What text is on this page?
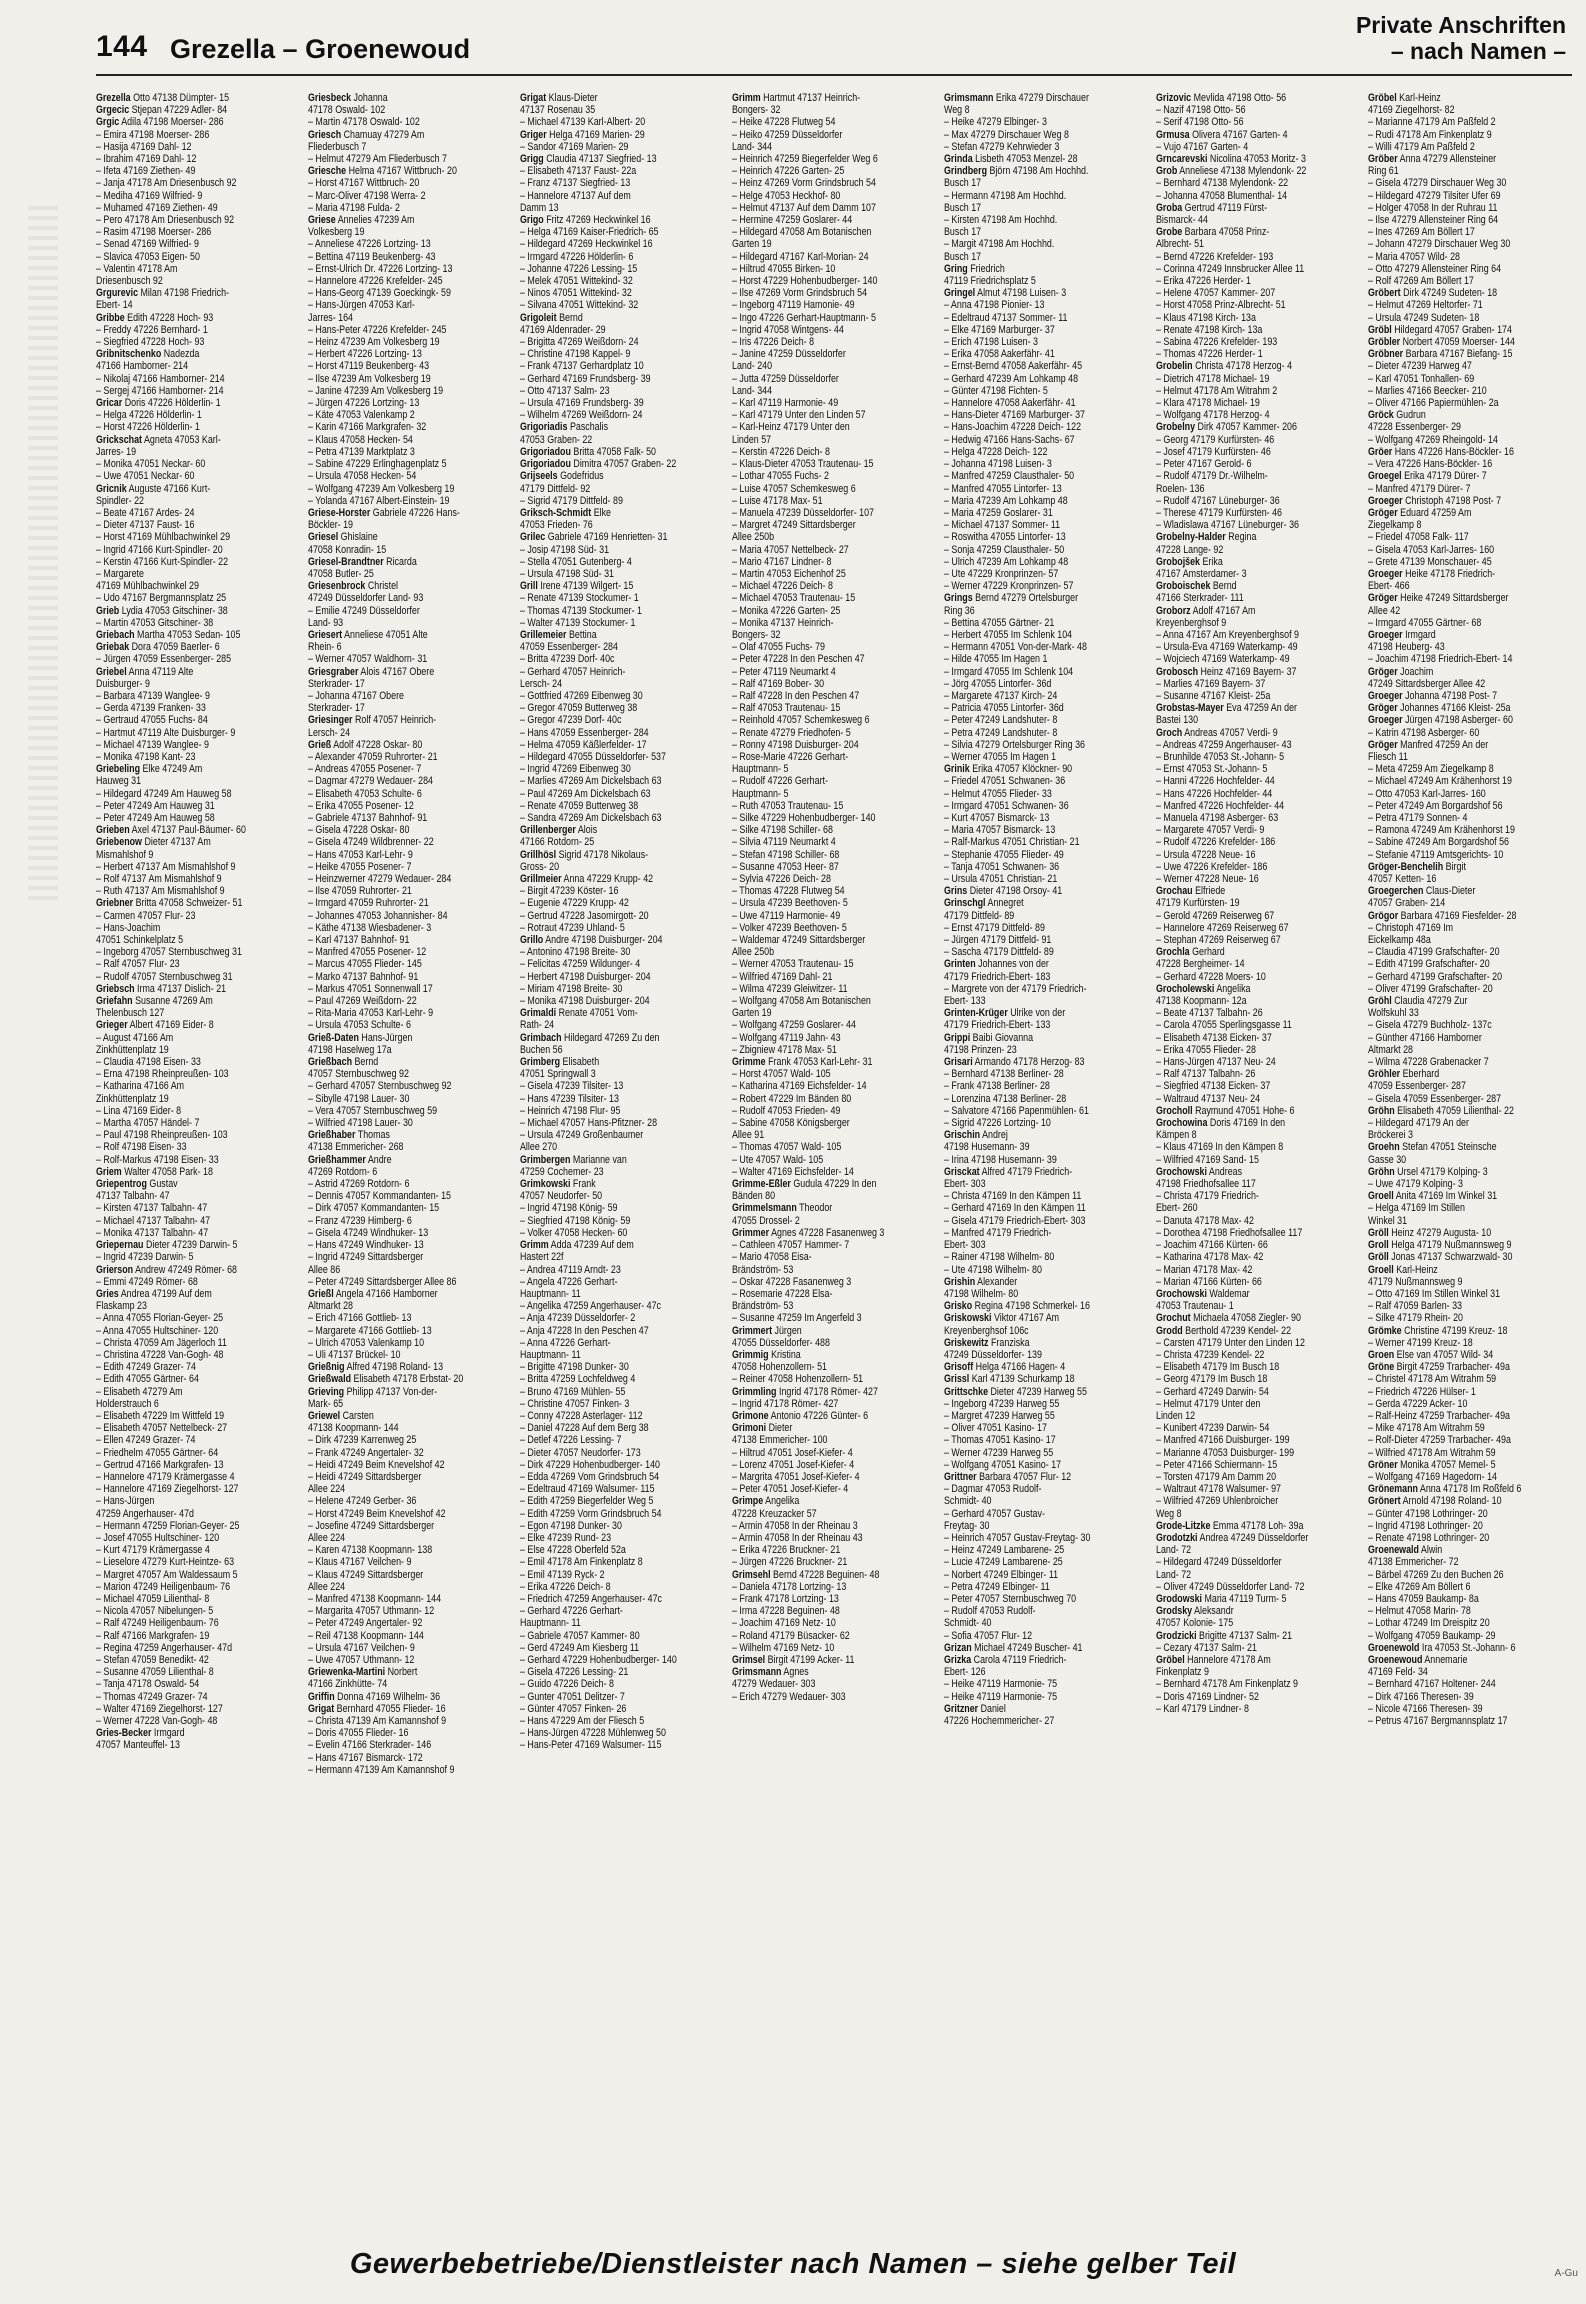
144 Grezella – Groenewoud
Private Anschriften
– nach Namen –

Grezella Otto 47138 Dümpter- 15

Grgecic Stjepan 47229 Adler- 84

Grgic Adila 47198 Moerser- 286

– Emira 47198 Moerser- 286

– Hasija 47169 Dahl- 12

– Ibrahim 47169 Dahl- 12

– Ifeta 47169 Ziethen- 49

– Janja 47178 Am Driesenbusch 92

– Mediha 47169 Wilfried- 9

– Muhamed 47169 Ziethen- 49

– Pero 47178 Am Driesenbusch 92

– Rasim 47198 Moerser- 286

– Senad 47169 Wilfried- 9

– Slavica 47053 Eigen- 50

– Valentin 47178 Am
Driesenbusch 92

Grgurevic Milan 47198 Friedrich-
Ebert- 14

Gribbe Edith 47228 Hoch- 93

– Freddy 47226 Bernhard- 1

– Siegfried 47228 Hoch- 93

Gribnitschenko Nadezda
47166 Hamborner- 214

– Nikolaj 47166 Hamborner- 214

– Sergej 47166 Hamborner- 214

Gricar Doris 47226 Hölderlin- 1

– Helga 47226 Hölderlin- 1

– Horst 47226 Hölderlin- 1

Grickschat Agneta 47053 Karl-
Jarres- 19

– Monika 47051 Neckar- 60

– Uwe 47051 Neckar- 60

Gricnik Auguste 47166 Kurt-
Spindler- 22

– Beate 47167 Ardes- 24

– Dieter 47137 Faust- 16

– Horst 47169 Mühlbachwinkel 29

– Ingrid 47166 Kurt-Spindler- 20

– Kerstin 47166 Kurt-Spindler- 22

– Margarete
47169 Mühlbachwinkel 29

– Udo 47167 Bergmannsplatz 25

Grieb Lydia 47053 Gitschiner- 38

– Martin 47053 Gitschiner- 38

Griebach Martha 47053 Sedan- 105

Griebak Dora 47059 Baerler- 6

– Jürgen 47059 Essenberger- 285

Griebel Anna 47119 Alte
Duisburger- 9

– Barbara 47139 Wanglee- 9

– Gerda 47139 Franken- 33

– Gertraud 47055 Fuchs- 84

– Hartmut 47119 Alte Duisburger- 9

– Michael 47139 Wanglee- 9

– Monika 47198 Kant- 23

Griebeling Elke 47249 Am
Hauweg 31

– Hildegard 47249 Am Hauweg 58

– Peter 47249 Am Hauweg 31

– Peter 47249 Am Hauweg 58

Grieben Axel 47137 Paul-Bäumer- 60

Griebenow Dieter 47137 Am
Mismahlshof 9

– Herbert 47137 Am Mismahlshof 9

– Rolf 47137 Am Mismahlshof 9

– Ruth 47137 Am Mismahlshof 9

Griebner Britta 47058 Schweizer- 51

– Carmen 47057 Flur- 23

– Hans-Joachim
47051 Schinkelplatz 5

– Ingeborg 47057 Sternbuschweg 31

– Ralf 47057 Flur- 23

– Rudolf 47057 Sternbuschweg 31

Griebsch Irma 47137 Dislich- 21

Griefahn Susanne 47269 Am
Thelenbusch 127

Grieger Albert 47169 Eider- 8

– August 47166 Am
Zinkhüttenplatz 19

– Claudia 47198 Eisen- 33

– Erna 47198 Rheinpreußen- 103

– Katharina 47166 Am
Zinkhüttenplatz 19

– Lina 47169 Eider- 8

– Martha 47057 Händel- 7

– Paul 47198 Rheinpreußen- 103

– Rolf 47198 Eisen- 33

– Rolf-Markus 47198 Eisen- 33

Griem Walter 47058 Park- 18

Griepentrog Gustav
47137 Talbahn- 47

– Kirsten 47137 Talbahn- 47

– Michael 47137 Talbahn- 47

– Monika 47137 Talbahn- 47

Griepernau Dieter 47239 Darwin- 5

– Ingrid 47239 Darwin- 5

Grierson Andrew 47249 Römer- 68

– Emmi 47249 Römer- 68

Gries Andrea 47199 Auf dem
Flaskamp 23

– Anna 47055 Florian-Geyer- 25

– Anna 47055 Hultschiner- 120

– Christa 47059 Am Jägerloch 11

– Christina 47228 Van-Gogh- 48

– Edith 47249 Grazer- 74

– Edith 47055 Gärtner- 64

– Elisabeth 47279 Am
Holderstrauch 6

– Elisabeth 47229 Im Wittfeld 19

– Elisabeth 47057 Nettelbeck- 27

– Ellen 47249 Grazer- 74

– Friedhelm 47055 Gärtner- 64

– Gertrud 47166 Markgrafen- 13

– Hannelore 47179 Krämergasse 4

– Hannelore 47169 Ziegelhorst- 127

– Hans-Jürgen
47259 Angerhauser- 47d

– Hermann 47259 Florian-Geyer- 25

– Josef 47055 Hultschiner- 120

– Kurt 47179 Krämergasse 4

– Lieselore 47279 Kurt-Heintze- 63

– Margret 47057 Am Waldessaum 5

– Marion 47249 Heiligenbaum- 76

– Michael 47059 Lilienthal- 8

– Nicola 47057 Nibelungen- 5

– Ralf 47249 Heiligenbaum- 76

– Ralf 47166 Markgrafen- 19

– Regina 47259 Angerhauser- 47d

– Stefan 47059 Benedikt- 42

– Susanne 47059 Lilienthal- 8

– Tanja 47178 Oswald- 54

– Thomas 47249 Grazer- 74

– Walter 47169 Ziegelhorst- 127

– Werner 47228 Van-Gogh- 48

Gries-Becker Irmgard
47057 Manteuffel- 13

Griesbeck Johanna
47178 Oswald- 102

– Martin 47178 Oswald- 102

Griesch Chamuay 47279 Am
Fliederbusch 7

– Helmut 47279 Am Fliederbusch 7

Griesche Helma 47167 Wittbruch- 20

– Horst 47167 Wittbruch- 20

– Marc-Oliver 47198 Werra- 2

– Maria 47198 Fulda- 2

Griese Annelies 47239 Am
Volkesberg 19

– Anneliese 47226 Lortzing- 13

– Bettina 47119 Beukenberg- 43

– Ernst-Ulrich Dr. 47226 Lortzing- 13

– Hannelore 47226 Krefelder- 245

– Hans-Georg 47139 Goeckingk- 59

– Hans-Jürgen 47053 Karl-
Jarres- 164

– Hans-Peter 47226 Krefelder- 245

– Heinz 47239 Am Volkesberg 19

– Herbert 47226 Lortzing- 13

– Horst 47119 Beukenberg- 43

– Ilse 47239 Am Volkesberg 19

– Janine 47239 Am Volkesberg 19

– Jürgen 47226 Lortzing- 13

– Käte 47053 Valenkamp 2

– Karin 47166 Markgrafen- 32

– Klaus 47058 Hecken- 54

– Petra 47139 Marktplatz 3

– Sabine 47229 Erlinghagenplatz 5

– Ursula 47058 Hecken- 54

– Wolfgang 47239 Am Volkesberg 19

– Yolanda 47167 Albert-Einstein- 19

Griese-Horster Gabriele 47226 Hans-
Böckler- 19

Griesel Ghislaine
47058 Konradin- 15

Griesel-Brandtner Ricarda
47058 Butler- 25

Griesenbrock Christel
47249 Düsseldorfer Land- 93

– Emilie 47249 Düsseldorfer
Land- 93

Griesert Anneliese 47051 Alte
Rhein- 6

– Werner 47057 Waldhorn- 31

Griesgraber Alois 47167 Obere
Sterkrader- 17

– Johanna 47167 Obere
Sterkrader- 17

Griesinger Rolf 47057 Heinrich-
Lersch- 24

Grieß Adolf 47228 Oskar- 80

– Alexander 47059 Ruhrorter- 21

– Andreas 47055 Posener- 7

– Dagmar 47279 Wedauer- 284

– Elisabeth 47053 Schulte- 6

– Erika 47055 Posener- 12

– Gabriele 47137 Bahnhof- 91

– Gisela 47228 Oskar- 80

– Gisela 47249 Wildbrenner- 22

– Hans 47053 Karl-Lehr- 9

– Heike 47055 Posener- 7

– Heinzwerner 47279 Wedauer- 284

– Ilse 47059 Ruhrorter- 21

– Irmgard 47059 Ruhrorter- 21

– Johannes 47053 Johannisher- 84

– Käthe 47138 Wiesbadener- 3

– Karl 47137 Bahnhof- 91

– Manfred 47055 Posener- 12

– Marcus 47055 Flieder- 145

– Marko 47137 Bahnhof- 91

– Markus 47051 Sonnenwall 17

– Paul 47269 Weißdorn- 22

– Rita-Maria 47053 Karl-Lehr- 9

– Ursula 47053 Schulte- 6

Grieß-Daten Hans-Jürgen
47198 Haselweg 17a

Grießbach Bernd
47057 Sternbuschweg 92

– Gerhard 47057 Sternbuschweg 92

– Sibylle 47198 Lauer- 30

– Vera 47057 Sternbuschweg 59

– Wilfried 47198 Lauer- 30

Grießhaber Thomas
47138 Emmericher- 268

Grießhammer Andre
47269 Rotdorn- 6

– Astrid 47269 Rotdorn- 6

– Dennis 47057 Kommandanten- 15

– Dirk 47057 Kommandanten- 15

– Franz 47239 Himberg- 6

– Gisela 47249 Windhuker- 13

– Hans 47249 Windhuker- 13

– Ingrid 47249 Sittardsberger
Allee 86

– Peter 47249 Sittardsberger Allee 86

Grießl Angela 47166 Hamborner
Altmarkt 28

– Erich 47166 Gottlieb- 13

– Margarete 47166 Gottlieb- 13

– Ulrich 47053 Valenkamp 10

– Uli 47137 Brückel- 10

Grießnig Alfred 47198 Roland- 13

Grießwald Elisabeth 47178 Erbstat- 20

Grieving Philipp 47137 Von-der-
Mark- 65

Griewel Carsten
47138 Koopmann- 144

– Dirk 47239 Karrenweg 25

– Frank 47249 Angertaler- 32

– Heidi 47249 Beim Knevelshof 42

– Heidi 47249 Sittardsberger
Allee 224

– Helene 47249 Gerber- 36

– Horst 47249 Beim Knevelshof 42

– Josefine 47249 Sittardsberger
Allee 224

– Karen 47138 Koopmann- 138

– Klaus 47167 Veilchen- 9

– Klaus 47249 Sittardsberger
Allee 224

– Manfred 47138 Koopmann- 144

– Margarita 47057 Uthmann- 12

– Peter 47249 Angertaler- 92

– Reil 47138 Koopmann- 144

– Ursula 47167 Veilchen- 9

– Uwe 47057 Uthmann- 12

Griewenka-Martini Norbert
47166 Zinkhütte- 74

Griffin Donna 47169 Wilhelm- 36

Grigat Bernhard 47055 Flieder- 16

– Christa 47139 Am Kamannshof 9

– Doris 47055 Flieder- 16

– Evelin 47166 Sterkrader- 146

– Hans 47167 Bismarck- 172

– Hermann 47139 Am Kamannshof 9

Grigat Klaus-Dieter
47137 Rosenau 35

– Michael 47139 Karl-Albert- 20

Griger Helga 47169 Marien- 29

– Sandor 47169 Marien- 29

Grigg Claudia 47137 Siegfried- 13

– Elisabeth 47137 Faust- 22a

– Franz 47137 Siegfried- 13

– Hannelore 47137 Auf dem
Damm 13

Grigo Fritz 47269 Heckwinkel 16

– Helga 47169 Kaiser-Friedrich- 65

– Hildegard 47269 Heckwinkel 16

– Irmgard 47226 Hölderlin- 6

– Johanne 47226 Lessing- 15

– Melek 47051 Wittekind- 32

– Ninos 47051 Wittekind- 32

– Silvana 47051 Wittekind- 32

Grigoleit Bernd
47169 Aldenrader- 29

– Brigitta 47269 Weißdorn- 24

– Christine 47198 Kappel- 9

– Frank 47137 Gerhardplatz 10

– Gerhard 47169 Frundsberg- 39

– Otto 47137 Salm- 23

– Ursula 47169 Frundsberg- 39

– Wilhelm 47269 Weißdorn- 24

Grigoriadis Paschalis
47053 Graben- 22

Grigoriadou Britta 47058 Falk- 50

Grigoriadou Dimitra 47057 Graben- 22

Grijseels Godefridus
47179 Dittfeld- 92

– Sigrid 47179 Dittfeld- 89

Griksch-Schmidt Elke
47053 Frieden- 76

Grilec Gabriele 47169 Henrietten- 31

– Josip 47198 Süd- 31

– Stella 47051 Gutenberg- 4

– Ursula 47198 Süd- 31

Grill Irene 47139 Wilgert- 15

– Renate 47139 Stockumer- 1

– Thomas 47139 Stockumer- 1

– Walter 47139 Stockumer- 1

Grillemeier Bettina
47059 Essenberger- 284

– Britta 47239 Dorf- 40c

– Gerhard 47057 Heinrich-
Lersch- 24

– Gottfried 47269 Eibenweg 30

– Gregor 47059 Butterweg 38

– Gregor 47239 Dorf- 40c

– Hans 47059 Essenberger- 284

– Helma 47059 Käßlerfelder- 17

– Hildegard 47055 Düsseldorfer- 537

– Ingrid 47269 Eibenweg 30

– Marlies 47269 Am Dickelsbach 63

– Paul 47269 Am Dickelsbach 63

– Renate 47059 Butterweg 38

– Sandra 47269 Am Dickelsbach 63

Grillenberger Alois
47166 Rotdorn- 25

Grillhösl Sigrid 47178 Nikolaus-
Gross- 20

Grillmeier Anna 47229 Krupp- 42

– Birgit 47239 Köster- 16

– Eugenie 47229 Krupp- 42

– Gertrud 47228 Jasomirgott- 20

– Rotraut 47239 Uhland- 5

Grillo Andre 47198 Duisburger- 204

– Antonino 47198 Breite- 30

– Felicitas 47259 Wildunger- 4

– Herbert 47198 Duisburger- 204

– Miriam 47198 Breite- 30

– Monika 47198 Duisburger- 204

Grimaldi Renate 47051 Vom-
Rath- 24

Grimbach Hildegard 47269 Zu den
Buchen 56

Grimberg Elisabeth
47051 Springwall 3

– Gisela 47239 Tilsiter- 13

– Hans 47239 Tilsiter- 13

– Heinrich 47198 Flur- 95

– Michael 47057 Hans-Pfitzner- 28

– Ursula 47249 Großenbaumer
Allee 270

Grimbergen Marianne van
47259 Cochemer- 23

Grimkowski Frank
47057 Neudorfer- 50

– Ingrid 47198 König- 59

– Siegfried 47198 König- 59

– Volker 47058 Hecken- 60

Grimm Adda 47239 Auf dem
Hastert 22f

– Andrea 47119 Arndt- 23

– Angela 47226 Gerhart-
Hauptmann- 11

– Angelika 47259 Angerhauser- 47c

– Anja 47239 Düsseldorfer- 2

– Anja 47228 In den Peschen 47

– Anna 47226 Gerhart-
Hauptmann- 11

– Brigitte 47198 Dunker- 30

– Britta 47259 Lochfeldweg 4

– Bruno 47169 Mühlen- 55

– Christine 47057 Finken- 3

– Conny 47228 Asterlager- 112

– Daniel 47228 Auf dem Berg 38

– Detlef 47226 Lessing- 7

– Dieter 47057 Neudorfer- 173

– Dirk 47229 Hohenbudberger- 140

– Edda 47269 Vom Grindsbruch 54

– Edeltraud 47169 Walsumer- 115

– Edith 47259 Biegerfelder Weg 5

– Edith 47259 Vorm Grindsbruch 54

– Egon 47198 Dunker- 30

– Elke 47239 Rund- 23

– Else 47228 Oberfeld 52a

– Emil 47178 Am Finkenplatz 8

– Emil 47139 Ryck- 2

– Erika 47226 Deich- 8

– Friedrich 47259 Angerhauser- 47c

– Gerhard 47226 Gerhart-
Hauptmann- 11

– Gabriele 47057 Kammer- 80

– Gerd 47249 Am Kiesberg 11

– Gerhard 47229 Hohenbudberger- 140

– Gisela 47226 Lessing- 21

– Guido 47226 Deich- 8

– Gunter 47051 Delitzer- 7

– Günter 47057 Finken- 26

– Hans 47229 Am der Fliesch 5

– Hans-Jürgen 47228 Mühlenweg 50

– Hans-Peter 47169 Walsumer- 115

Grimm Hartmut 47137 Heinrich-
Bongers- 32

– Heike 47228 Flutweg 54

– Heiko 47259 Düsseldorfer
Land- 344

– Heinrich 47259 Biegerfelder Weg 6

– Heinrich 47226 Garten- 25

– Heinz 47269 Vorm Grindsbruch 54

– Helge 47053 Heckhof- 80

– Helmut 47137 Auf dem Damm 107

– Hermine 47259 Goslarer- 44

– Hildegard 47058 Am Botanischen
Garten 19

– Hildegard 47167 Karl-Morian- 24

– Hiltrud 47055 Birken- 10

– Horst 47229 Hohenbudberger- 140

– Ilse 47269 Vorm Grindsbruch 54

– Ingeborg 47119 Hamonie- 49

– Ingo 47226 Gerhart-Hauptmann- 5

– Ingrid 47058 Wintgens- 44

– Iris 47226 Deich- 8

– Janine 47259 Düsseldorfer
Land- 240

– Jutta 47259 Düsseldorfer
Land- 344

– Karl 47119 Harmonie- 49

– Karl 47179 Unter den Linden 57

– Karl-Heinz 47179 Unter den
Linden 57

– Kerstin 47226 Deich- 8

– Klaus-Dieter 47053 Trautenau- 15

– Lothar 47055 Fuchs- 2

– Luise 47057 Schemkesweg 6

– Luise 47178 Max- 51

– Manuela 47239 Düsseldorfer- 107

– Margret 47249 Sittardsberger
Allee 250b

– Maria 47057 Nettelbeck- 27

– Mario 47167 Lindner- 8

– Martin 47053 Eichenhof 25

– Michael 47226 Deich- 8

– Michael 47053 Trautenau- 15

– Monika 47226 Garten- 25

– Monika 47137 Heinrich-
Bongers- 32

– Olaf 47055 Fuchs- 79

– Peter 47228 In den Peschen 47

– Peter 47119 Neumarkt 4

– Ralf 47169 Bober- 30

– Ralf 47228 In den Peschen 47

– Ralf 47053 Trautenau- 15

– Reinhold 47057 Schemkesweg 6

– Renate 47279 Friedhofen- 5

– Ronny 47198 Duisburger- 204

– Rose-Marie 47226 Gerhart-
Hauptmann- 5

– Rudolf 47226 Gerhart-
Hauptmann- 5

– Ruth 47053 Trautenau- 15

– Silke 47229 Hohenbudberger- 140

– Silke 47198 Schiller- 68

– Silvia 47119 Neumarkt 4

– Stefan 47198 Schiller- 68

– Susanne 47053 Heer- 87

– Sylvia 47226 Deich- 28

– Thomas 47228 Flutweg 54

– Ursula 47239 Beethoven- 5

– Uwe 47119 Harmonie- 49

– Volker 47239 Beethoven- 5

– Waldemar 47249 Sittardsberger
Allee 250b

– Werner 47053 Trautenau- 15

– Wilfried 47169 Dahl- 21

– Wilma 47239 Gleiwitzer- 11

– Wolfgang 47058 Am Botanischen
Garten 19

– Wolfgang 47259 Goslarer- 44

– Wolfgang 47119 Jahn- 43

– Zbigniew 47178 Max- 51

Grimme Frank 47053 Karl-Lehr- 31

– Horst 47057 Wald- 105

– Katharina 47169 Eichsfelder- 14

– Robert 47229 Im Bänden 80

– Rudolf 47053 Frieden- 49

– Sabine 47058 Königsberger
Allee 91

– Thomas 47057 Wald- 105

– Ute 47057 Wald- 105

– Walter 47169 Eichsfelder- 14

Grimme-Eßler Gudula 47229 In den
Bänden 80

Grimmelsmann Theodor
47055 Drossel- 2

Grimmer Agnes 47228 Fasanenweg 3

– Cathleen 47057 Hammer- 7

– Mario 47058 Eisa-
Brändström- 53

– Oskar 47228 Fasanenweg 3

– Rosemarie 47228 Elsa-
Brändström- 53

– Susanne 47259 Im Angerfeld 3

Grimmert Jürgen
47055 Düsseldorfer- 488

Grimmig Kristina
47058 Hohenzollern- 51

– Reiner 47058 Hohenzollern- 51

Grimmling Ingrid 47178 Römer- 427

– Ingrid 47178 Römer- 427

Grimone Antonio 47226 Günter- 6

Grimoni Dieter
47138 Emmericher- 100

– Hiltrud 47051 Josef-Kiefer- 4

– Lorenz 47051 Josef-Kiefer- 4

– Margrita 47051 Josef-Kiefer- 4

– Peter 47051 Josef-Kiefer- 4

Grimpe Angelika
47228 Kreuzacker 57

– Armin 47058 In der Rheinau 3

– Armin 47058 In der Rheinau 43

– Erika 47226 Bruckner- 21

– Jürgen 47226 Bruckner- 21

Grimsehl Bernd 47228 Beguinen- 48

– Daniela 47178 Lortzing- 13

– Frank 47178 Lortzing- 13

– Irma 47228 Beguinen- 48

– Joachim 47169 Netz- 10

– Roland 47179 Büsacker- 62

– Wilhelm 47169 Netz- 10

Grimsel Birgit 47199 Acker- 11

Grimsmann Agnes
47279 Wedauer- 303

– Erich 47279 Wedauer- 303

Grimsmann Erika 47279 Dirschauer
Weg 8

– Heike 47279 Elbinger- 3

– Max 47279 Dirschauer Weg 8

– Stefan 47279 Kehrwieder 3

Grinda Lisbeth 47053 Menzel- 28

Grindberg Björn 47198 Am Hochhd.
Busch 17

– Hermann 47198 Am Hochhd.
Busch 17

– Kirsten 47198 Am Hochhd.
Busch 17

– Margit 47198 Am Hochhd.
Busch 17

Gring Friedrich
47119 Friedrichsplatz 5

Gringel Almut 47198 Luisen- 3

– Anna 47198 Pionier- 13

– Edeltraud 47137 Sommer- 11

– Elke 47169 Marburger- 37

– Erich 47198 Luisen- 3

– Erika 47058 Aakerfähr- 41

– Ernst-Bernd 47058 Aakerfähr- 45

– Gerhard 47239 Am Lohkamp 48

– Günter 47198 Fichten- 5

– Hannelore 47058 Aakerfähr- 41

– Hans-Dieter 47169 Marburger- 37

– Hans-Joachim 47228 Deich- 122

– Hedwig 47166 Hans-Sachs- 67

– Helga 47228 Deich- 122

– Johanna 47198 Luisen- 3

– Manfred 47259 Clausthaler- 50

– Manfred 47055 Lintorfer- 13

– Maria 47239 Am Lohkamp 48

– Maria 47259 Goslarer- 31

– Michael 47137 Sommer- 11

– Roswitha 47055 Lintorfer- 13

– Sonja 47259 Clausthaler- 50

– Ulrich 47239 Am Lohkamp 48

– Ute 47229 Kronprinzen- 57

– Werner 47229 Kronprinzen- 57

Grings Bernd 47279 Ortelsburger
Ring 36

– Bettina 47055 Gärtner- 21

– Herbert 47055 Im Schlenk 104

– Hermann 47051 Von-der-Mark- 48

– Hilde 47055 Im Hagen 1

– Irmgard 47055 Im Schlenk 104

– Jörg 47055 Lintorfer- 36d

– Margarete 47137 Kirch- 24

– Patricia 47055 Lintorfer- 36d

– Peter 47249 Landshuter- 8

– Petra 47249 Landshuter- 8

– Silvia 47279 Ortelsburger Ring 36

– Werner 47055 Im Hagen 1

Grinik Erika 47057 Klöckner- 90

– Friedel 47051 Schwanen- 36

– Helmut 47055 Flieder- 33

– Irmgard 47051 Schwanen- 36

– Kurt 47057 Bismarck- 13

– Maria 47057 Bismarck- 13

– Ralf-Markus 47051 Christian- 21

– Stephanie 47055 Flieder- 49

– Tanja 47051 Schwanen- 36

– Ursula 47051 Christian- 21

Grins Dieter 47198 Orsoy- 41

Grinschgl Annegret
47179 Dittfeld- 89

– Ernst 47179 Dittfeld- 89

– Jürgen 47179 Dittfeld- 91

– Sascha 47179 Dittfeld- 89

Grinten Johannes von der
47179 Friedrich-Ebert- 183

– Margrete von der 47179 Friedrich-
Ebert- 133

Grinten-Krüger Ulrike von der
47179 Friedrich-Ebert- 133

Grippi Baibi Giovanna
47198 Prinzen- 23

Grisari Armando 47178 Herzog- 83

– Bernhard 47138 Berliner- 28

– Frank 47138 Berliner- 28

– Lorenzina 47138 Berliner- 28

– Salvatore 47166 Papenmühlen- 61

– Sigrid 47226 Lortzing- 10

Grischin Andrej
47198 Husemann- 39

– Irina 47198 Husemann- 39

Grisckat Alfred 47179 Friedrich-
Ebert- 303

– Christa 47169 In den Kämpen 11

– Gerhard 47169 In den Kämpen 11

– Gisela 47179 Friedrich-Ebert- 303

– Manfred 47179 Friedrich-
Ebert- 303

– Rainer 47198 Wilhelm- 80

– Ute 47198 Wilhelm- 80

Grishin Alexander
47198 Wilhelm- 80

Grisko Regina 47198 Schmerkel- 16

Griskowski Viktor 47167 Am
Kreyenberghsof 106c

Griskewitz Franziska
47249 Düsseldorfer- 139

Grisoff Helga 47166 Hagen- 4

Grissl Karl 47139 Schurkamp 18

Grittschke Dieter 47239 Harweg 55

– Ingeborg 47239 Harweg 55

– Margret 47239 Harweg 55

– Oliver 47051 Kasino- 17

– Thomas 47051 Kasino- 17

– Werner 47239 Harweg 55

– Wolfgang 47051 Kasino- 17

Grittner Barbara 47057 Flur- 12

– Dagmar 47053 Rudolf-
Schmidt- 40

– Gerhard 47057 Gustav-
Freytag- 30

– Heinrich 47057 Gustav-Freytag- 30

– Heinz 47249 Lambarene- 25

– Lucie 47249 Lambarene- 25

– Norbert 47249 Elbinger- 11

– Petra 47249 Elbinger- 11

– Peter 47057 Sternbuschweg 70

– Rudolf 47053 Rudolf-
Schmidt- 40

– Sofia 47057 Flur- 12

Grizan Michael 47249 Buscher- 41

Grizka Carola 47119 Friedrich-
Ebert- 126

– Heike 47119 Harmonie- 75

– Heike 47119 Harmonie- 75

Gritzner Daniel
47226 Hochemmericher- 27

Grizovic Mevlida 47198 Otto- 56

– Nazif 47198 Otto- 56

– Serif 47198 Otto- 56

Grmusa Olivera 47167 Garten- 4

– Vujo 47167 Garten- 4

Grncarevski Nicolina 47053 Moritz- 3

Grob Anneliese 47138 Mylendonk- 22

– Bernhard 47138 Mylendonk- 22

– Johanna 47058 Blumenthal- 14

Groba Gertrud 47119 Fürst-
Bismarck- 44

Grobe Barbara 47058 Prinz-
Albrecht- 51

– Bernd 47226 Krefelder- 193

– Corinna 47249 Innsbrucker Allee 11

– Erika 47226 Herder- 1

– Helene 47057 Kammer- 207

– Horst 47058 Prinz-Albrecht- 51

– Klaus 47198 Kirch- 13a

– Renate 47198 Kirch- 13a

– Sabina 47226 Krefelder- 193

– Thomas 47226 Herder- 1

Grobelin Christa 47178 Herzog- 4

– Dietrich 47178 Michael- 19

– Helmut 47178 Am Witrahm 2

– Klara 47178 Michael- 19

– Wolfgang 47178 Herzog- 4

Grobelny Dirk 47057 Kammer- 206

– Georg 47179 Kurfürsten- 46

– Josef 47179 Kurfürsten- 46

– Peter 47167 Gerold- 6

– Rudolf 47179 Dr.-Wilhelm-
Roelen- 136

– Rudolf 47167 Lüneburger- 36

– Therese 47179 Kurfürsten- 46

– Wladislawa 47167 Lüneburger- 36

Grobelny-Halder Regina
47228 Lange- 92

Grobojšek Erika
47167 Amsterdamer- 3

Groboischek Bernd
47166 Sterkrader- 111

Groborz Adolf 47167 Am
Kreyenberghsof 9

– Anna 47167 Am Kreyenberghsof 9

– Ursula-Eva 47169 Waterkamp- 49

– Wojciech 47169 Waterkamp- 49

Grobosch Heinz 47169 Bayern- 37

– Marlies 47169 Bayern- 37

– Susanne 47167 Kleist- 25a

Grobstas-Mayer Eva 47259 An der
Bastei 130

Groch Andreas 47057 Verdi- 9

– Andreas 47259 Angerhauser- 43

– Brunhilde 47053 St.-Johann- 5

– Ernst 47053 St.-Johann- 5

– Hanni 47226 Hochfelder- 44

– Hans 47226 Hochfelder- 44

– Manfred 47226 Hochfelder- 44

– Manuela 47198 Asberger- 63

– Margarete 47057 Verdi- 9

– Rudolf 47226 Krefelder- 186

– Ursula 47228 Neue- 16

– Uwe 47226 Krefelder- 186

– Werner 47228 Neue- 16

Grochau Elfriede
47179 Kurfürsten- 19

– Gerold 47269 Reiserweg 67

– Hannelore 47269 Reiserweg 67

– Stephan 47269 Reiserweg 67

Grochla Gerhard
47228 Bergheimer- 14

– Gerhard 47228 Moers- 10

Grocholewski Angelika
47138 Koopmann- 12a

– Beate 47137 Talbahn- 26

– Carola 47055 Sperlingsgasse 11

– Elisabeth 47138 Eicken- 37

– Erika 47055 Flieder- 28

– Hans-Jürgen 47137 Neu- 24

– Ralf 47137 Talbahn- 26

– Siegfried 47138 Eicken- 37

– Waltraud 47137 Neu- 24

Grocholl Raymund 47051 Hohe- 6

Grochowina Doris 47169 In den
Kämpen 8

– Klaus 47169 In den Kämpen 8

– Wilfried 47169 Sand- 15

Grochowski Andreas
47198 Friedhofsallee 117

– Christa 47179 Friedrich-
Ebert- 260

– Danuta 47178 Max- 42

– Dorothea 47198 Friedhofsallee 117

– Joachim 47166 Kürten- 66

– Katharina 47178 Max- 42

– Marian 47178 Max- 42

– Marian 47166 Kürten- 66

Grochowski Waldemar
47053 Trautenau- 1

Grochut Michaela 47058 Ziegler- 90

Grodd Berthold 47239 Kendel- 22

– Carsten 47179 Unter den Linden 12

– Christa 47239 Kendel- 22

– Elisabeth 47179 Im Busch 18

– Georg 47179 Im Busch 18

– Gerhard 47249 Darwin- 54

– Helmut 47179 Unter den
Linden 12

– Kunibert 47239 Darwin- 54

– Manfred 47166 Duisburger- 199

– Marianne 47053 Duisburger- 199

– Peter 47166 Schiermann- 15

– Torsten 47179 Am Damm 20

– Waltraut 47178 Walsumer- 97

– Wilfried 47269 Uhlenbroicher
Weg 8

Grode-Litzke Emma 47178 Loh- 39a

Grodotzki Andrea 47249 Düsseldorfer
Land- 72

– Hildegard 47249 Düsseldorfer
Land- 72

– Oliver 47249 Düsseldorfer Land- 72

Grodowski Maria 47119 Turm- 5

Grodsky Aleksandr
47057 Kolonie- 175

Grodzicki Brigitte 47137 Salm- 21

– Cezary 47137 Salm- 21

Gröbel Hannelore 47178 Am
Finkenplatz 9

– Bernhard 47178 Am Finkenplatz 9

– Doris 47169 Lindner- 52

– Karl 47179 Lindner- 8

Gröbel Karl-Heinz
47169 Ziegelhorst- 82

– Marianne 47179 Am Paßfeld 2

– Rudi 47178 Am Finkenplatz 9

– Willi 47179 Am Paßfeld 2

Gröber Anna 47279 Allensteiner
Ring 61

– Gisela 47279 Dirschauer Weg 30

– Hildegard 47279 Tilsiter Ufer 69

– Holger 47058 In der Ruhrau 11

– Ilse 47279 Allensteiner Ring 64

– Ines 47269 Am Böllert 17

– Johann 47279 Dirschauer Weg 30

– Maria 47057 Wild- 28

– Otto 47279 Allensteiner Ring 64

– Rolf 47269 Am Böllert 17

Gröbert Dirk 47249 Sudeten- 18

– Helmut 47269 Heltorfer- 71

– Ursula 47249 Sudeten- 18

Gröbl Hildegard 47057 Graben- 174

Gröbler Norbert 47059 Moerser- 144

Gröbner Barbara 47167 Biefang- 15

– Dieter 47239 Harweg 47

– Karl 47051 Tonhallen- 69

– Marlies 47166 Beecker- 210

– Oliver 47166 Papiermühlen- 2a

Gröck Gudrun
47228 Essenberger- 29

– Wolfgang 47269 Rheingold- 14

Gröer Hans 47226 Hans-Böckler- 16

– Vera 47226 Hans-Böckler- 16

Groegel Erika 47179 Dürer- 7

– Manfred 47179 Dürer- 7

Groeger Christoph 47198 Post- 7

Gröger Eduard 47259 Am
Ziegelkamp 8

– Friedel 47058 Falk- 117

– Gisela 47053 Karl-Jarres- 160

– Grete 47139 Monschauer- 45

Groeger Heike 47178 Friedrich-
Ebert- 466

Gröger Heike 47249 Sittardsberger
Allee 42

– Irmgard 47055 Gärtner- 68

Groeger Irmgard
47198 Heuberg- 43

– Joachim 47198 Friedrich-Ebert- 14

Gröger Joachim
47249 Sittardsberger Allee 42

Groeger Johanna 47198 Post- 7

Gröger Johannes 47166 Kleist- 25a

Groeger Jürgen 47198 Asberger- 60

– Katrin 47198 Asberger- 60

Gröger Manfred 47259 An der
Fliesch 11

– Meta 47259 Am Ziegelkamp 8

– Michael 47249 Am Krähenhorst 19

– Otto 47053 Karl-Jarres- 160

– Peter 47249 Am Borgardshof 56

– Petra 47179 Sonnen- 4

– Ramona 47249 Am Krähenhorst 19

– Sabine 47249 Am Borgardshof 56

– Stefanie 47119 Amtsgerichts- 10

Gröger-Benchelih Birgit
47057 Ketten- 16

Groegerchen Claus-Dieter
47057 Graben- 214

Grögor Barbara 47169 Fiesfelder- 28

– Christoph 47169 Im
Eickelkamp 48a

– Claudia 47199 Grafschafter- 20

– Edith 47199 Grafschafter- 20

– Gerhard 47199 Grafschafter- 20

– Oliver 47199 Grafschafter- 20

Gröhl Claudia 47279 Zur
Wolfskuhl 33

– Gisela 47279 Buchholz- 137c

– Günther 47166 Hamborner
Altmarkt 28

– Wilma 47228 Grabenacker 7

Gröhler Eberhard
47059 Essenberger- 287

– Gisela 47059 Essenberger- 287

Gröhn Elisabeth 47059 Lilienthal- 22

– Hildegard 47179 An der
Bröckerei 3

Groehn Stefan 47051 Steinsche
Gasse 30

Gröhn Ursel 47179 Kolping- 3

– Uwe 47179 Kolping- 3

Groell Anita 47169 Im Winkel 31

– Helga 47169 Im Stillen
Winkel 31

Gröll Heinz 47279 Augusta- 10

Groll Helga 47179 Nußmannsweg 9

Gröll Jonas 47137 Schwarzwald- 30

Groell Karl-Heinz
47179 Nußmannsweg 9

– Otto 47169 Im Stillen Winkel 31

– Ralf 47059 Barlen- 33

– Silke 47179 Rhein- 20

Grömke Christine 47199 Kreuz- 18

– Werner 47199 Kreuz- 18

Groen Else van 47057 Wild- 34

Gröne Birgit 47259 Trarbacher- 49a

– Christel 47178 Am Witrahm 59

– Friedrich 47226 Hülser- 1

– Gerda 47229 Acker- 10

– Ralf-Heinz 47259 Trarbacher- 49a

– Mike 47178 Am Witrahm 59

– Rolf-Dieter 47259 Trarbacher- 49a

– Wilfried 47178 Am Witrahm 59

Gröner Monika 47057 Memel- 5

– Wolfgang 47169 Hagedorn- 14

Grönemann Anna 47178 Im Roßfeld 6

Grönert Arnold 47198 Roland- 10

– Günter 47198 Lothringer- 20

– Ingrid 47198 Lothringer- 20

– Renate 47198 Lothringer- 20

Groenewald Alwin
47138 Emmericher- 72

– Bärbel 47269 Zu den Buchen 26

– Elke 47269 Am Böllert 6

– Hans 47059 Baukamp- 8a

– Helmut 47058 Marin- 78

– Lothar 47249 Im Dreispitz 20

– Wolfgang 47059 Baukamp- 29

Groenewold Ira 47053 St.-Johann- 6

Groenewoud Annemarie
47169 Feld- 34

– Bernhard 47167 Holtener- 244

– Dirk 47166 Theresen- 39

– Nicole 47166 Theresen- 39

– Petrus 47167 Bergmannsplatz 17

Gewerbebetriebe/Dienstleister nach Namen – siehe gelber Teil	A-Gu
